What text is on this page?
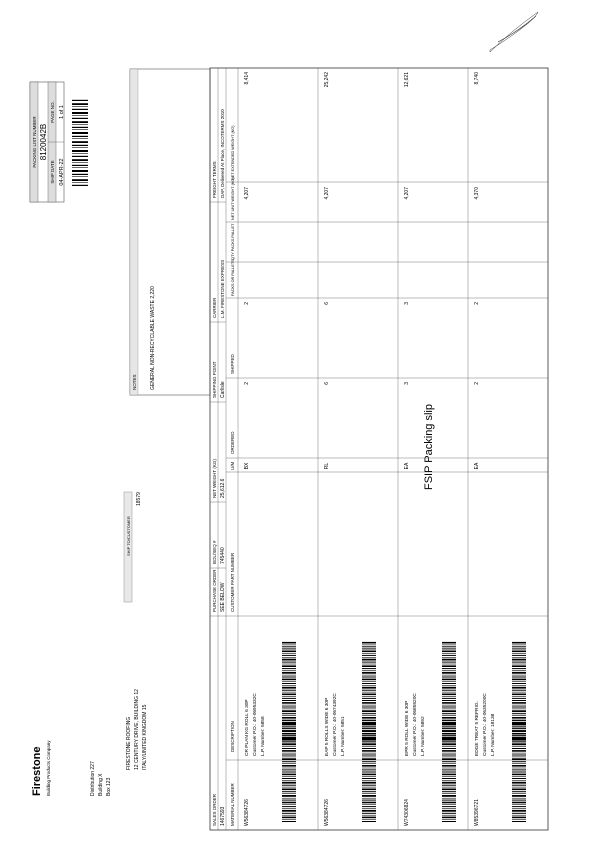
FSIP Packing slip
Firestone Building Products Company	Distribution 227 Building X Box 123
SHIP TO/CUSTOMER
18579
FIRESTONE ROOFING 12 CENTURY DRIVE, BUILDING 12 ITALY/UNITED KINGDOM 15
PACKING LIST NUMBER 8120042B
SHIP DATE
PAGE NO.
04-APR-22
1 of 1
NOTES	GENERAL NON-RECYCLABLE WASTE 2,220
SALES ORDER 1467593
PURCHASE ORDER SEE BELOW
BOL/SEQ # 745440
NET WEIGHT (KG) 25,612.6
SHIPPING POINT Carlisle
CARRIER L.M. FIRESTONE EXPRESS
FREIGHT TERMS DAP, Delivered At Place, INCOTERMS 2010
MATERIAL NUMBER
DESCRIPTION
CUSTOMER PART NUMBER
U/M
ORDERED
SHIPPED
PACKS OR PALLETS
QTY PACKS PALLET
NET UNIT WEIGHT (KG)
NET EXTENDED WEIGHT (KG)
W56384726
CR PLAN KG ROLL 6 30P Customer P.O.: 40-0695332C L.P. Number: 5858
BX
2
2
4,207
8,414
W56384726
EAP 5 ROLLS WIDE 6 30P Customer P.O.: 40-0674392C L.P. Number: 5851
RL
6
6
4,207
25,242
W74306824
EPR 5 ROLL WIDE 6 30P Customer P.O.: 40-0685920C L.P. Number: 5892
EA
3
3
4,207
12,621
W85396721
EDGE TREAT 5 REFRIG. Customer P.O.: 40-0635200C L.P. Number: 18138
EA
2
2
4,370
8,740
